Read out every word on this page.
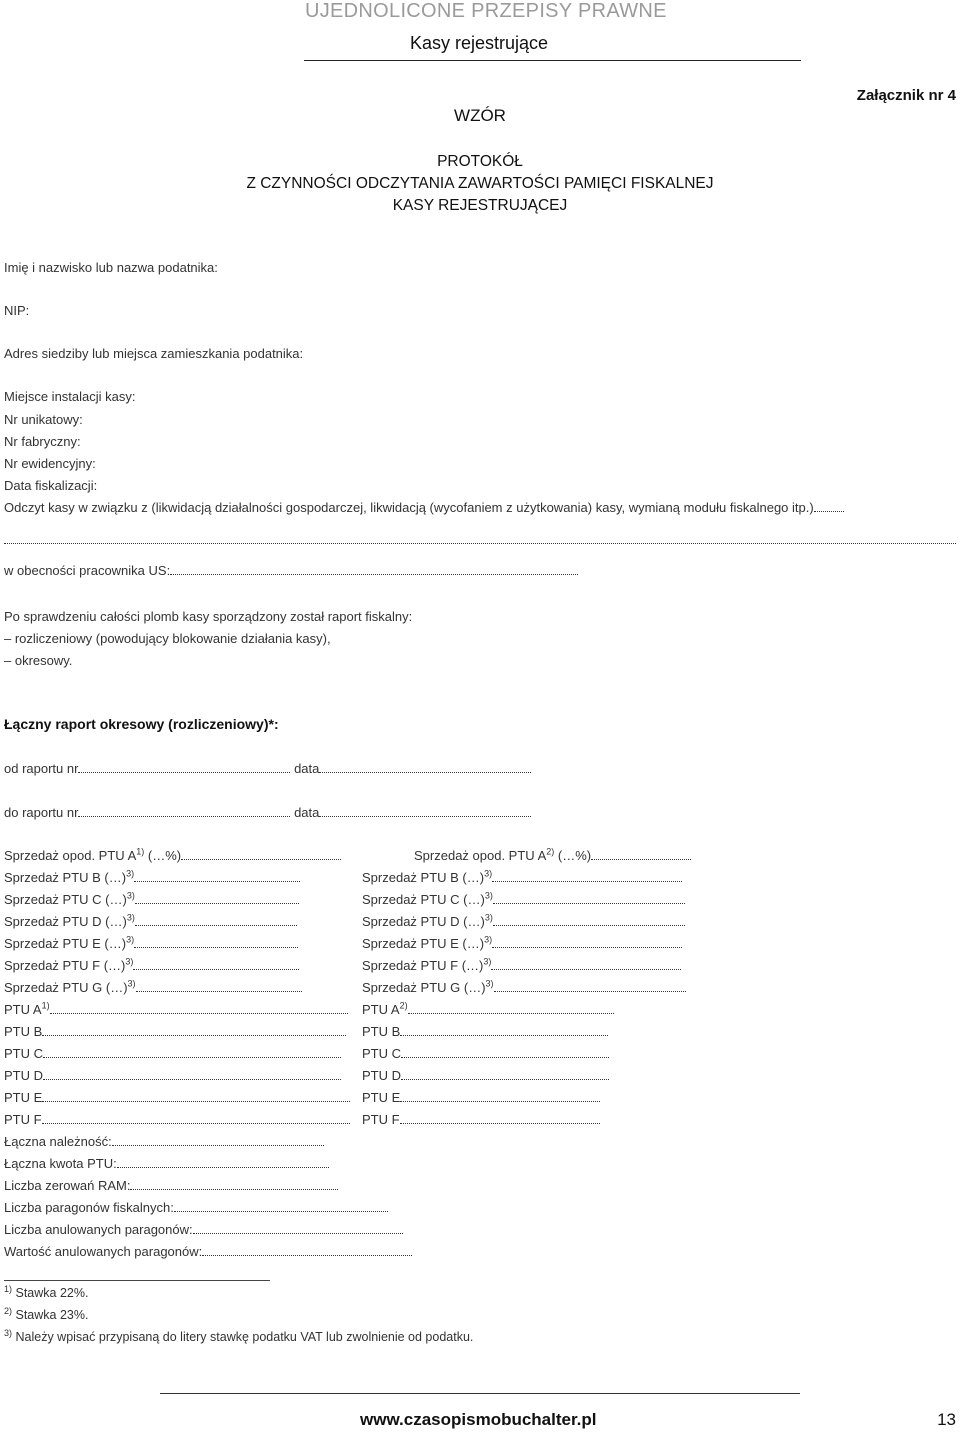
UJEDNOLICONE PRZEPISY PRAWNE
Kasy rejestrujące
Załącznik nr 4
WZÓR
PROTOKÓŁ
Z CZYNNOŚCI ODCZYTANIA ZAWARTOŚCI PAMIĘCI FISKALNEJ
KASY REJESTRUJĄCEJ
Imię i nazwisko lub nazwa podatnika:
NIP:
Adres siedziby lub miejsca zamieszkania podatnika:
Miejsce instalacji kasy:
Nr unikatowy:
Nr fabryczny:
Nr ewidencyjny:
Data fiskalizacji:
Odczyt kasy w związku z (likwidacją działalności gospodarczej, likwidacją (wycofaniem z użytkowania) kasy, wymianą modułu fiskalnego itp.)
w obecności pracownika US:
Po sprawdzeniu całości plomb kasy sporządzony został raport fiskalny:
– rozliczeniowy (powodujący blokowanie działania kasy),
– okresowy.
Łączny raport okresowy (rozliczeniowy)*:
od raportu nr	data
do raportu nr	data
Sprzedaż opod. PTU $A^{1)}$ (…%)	Sprzedaż opod. PTU $A^{2)}$ (…%)
Sprzedaż PTU B (…)$^{3)}$	Sprzedaż PTU B (…)$^{3)}$
Sprzedaż PTU C (…)$^{3)}$	Sprzedaż PTU C (…)$^{3)}$
Sprzedaż PTU D (…)$^{3)}$	Sprzedaż PTU D (…)$^{3)}$
Sprzedaż PTU E (…)$^{3)}$	Sprzedaż PTU E (…)$^{3)}$
Sprzedaż PTU F (…)$^{3)}$	Sprzedaż PTU F (…)$^{3)}$
Sprzedaż PTU G (…)$^{3)}$	Sprzedaż PTU G (…)$^{3)}$
PTU $A^{1)}$	PTU $A^{2)}$
PTU B	PTU B
PTU C	PTU C
PTU D	PTU D
PTU E	PTU E
PTU F	PTU F
Łączna należność:
Łączna kwota PTU:
Liczba zerowań RAM:
Liczba paragonów fiskalnych:
Liczba anulowanych paragonów:
Wartość anulowanych paragonów:
$^{1)}$ Stawka 22%.
$^{2)}$ Stawka 23%.
$^{3)}$ Należy wpisać przypisaną do litery stawkę podatku VAT lub zwolnienie od podatku.
www.czasopismobuchalter.pl	13
